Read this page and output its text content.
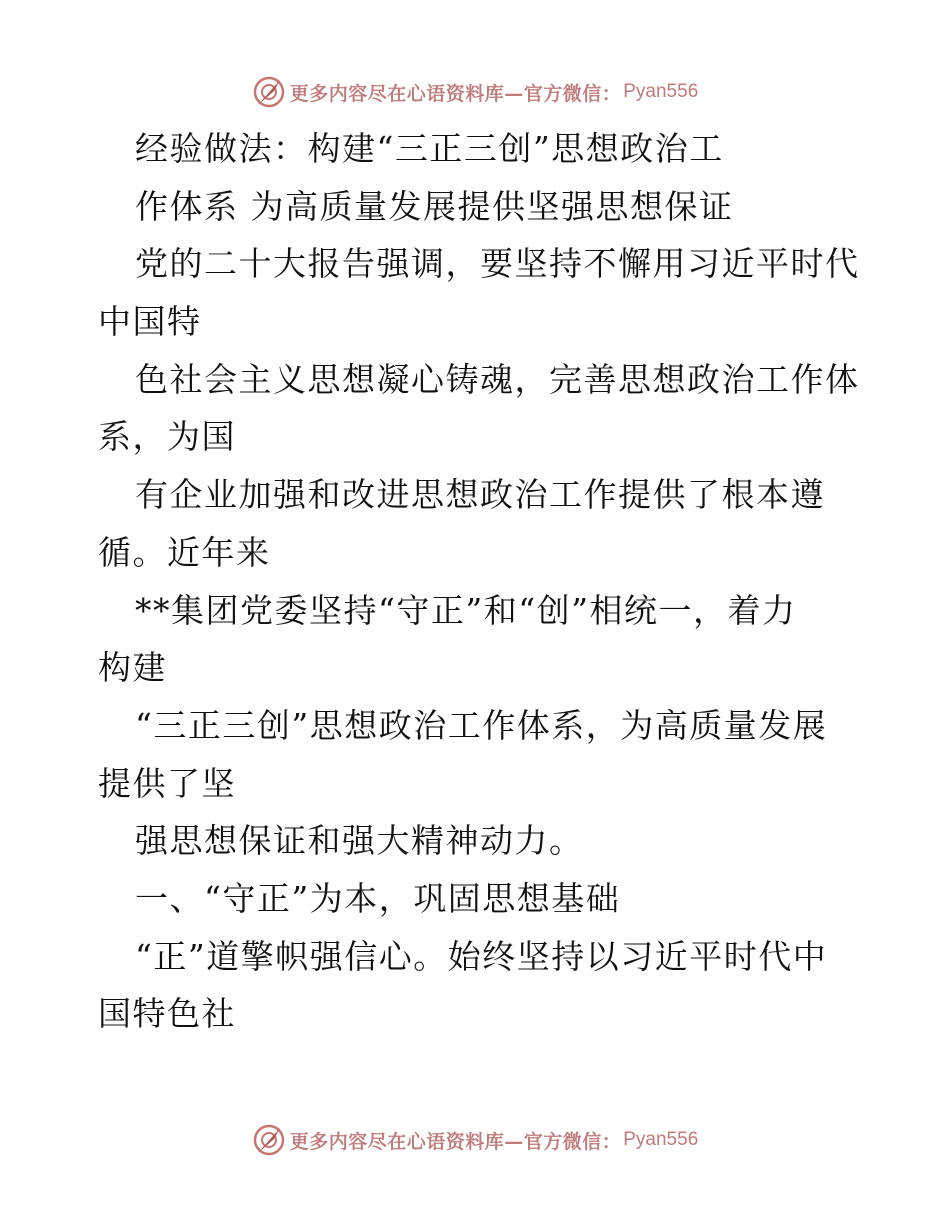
更多内容尽在心语资料库—官方微信： Pyan556
经验做法：构建“三正三创”思想政治工
作体系 为高质量发展提供坚强思想保证
党的二十大报告强调，要坚持不懈用习近平时代
中国特
色社会主义思想凝心铸魂，完善思想政治工作体
系，为国
有企业加强和改进思想政治工作提供了根本遵
循。近年来
**集团党委坚持“守正”和“创”相统一，着力
构建
“三正三创”思想政治工作体系，为高质量发展
提供了坚
强思想保证和强大精神动力。
一、“守正”为本，巩固思想基础
“正”道擎帜强信心。始终坚持以习近平时代中
国特色社
更多内容尽在心语资料库—官方微信： Pyan556
